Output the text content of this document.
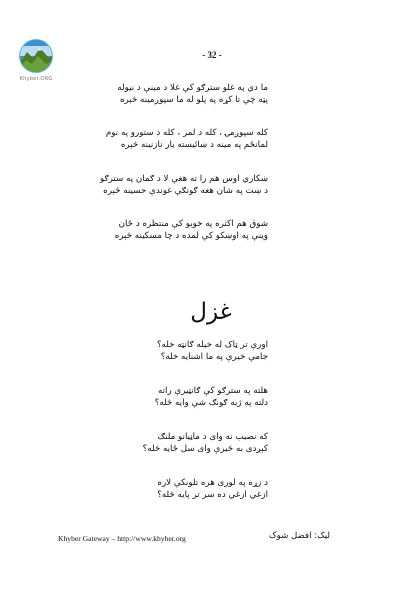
Khyber.ORG
- 32 -
ما دي په غلو سترګو کې غلا د مينې د نيوله
پټه چې تا کړه په پلو له ما سپوږمينه څېره
کله سپوږمۍ ، کله د لمر ، کله د ستورو په نوم
لمانځم په مينه د ښائيسته يار نازنينه څېره
ښکاري اوس هم را ته هغې لا د ګمان په سترګو
د ښت په شان هغه ګونګې غوندې حسينه څېره
شوق هم اکثره په خوبو کې منتظره د ځان
وينې په اوښکو کې لمده د چا مسکينه څېره
غزل
اورې تر ټاک له خيله ګانټه خله؟
جامې خيرې په ما اشنايه خله؟
هلته په سترګو کې ګانټيرې راته
دلته په ژبه ګونګ شې وايه څله؟
که نصيب نه وای د ماڼيانو ملنګ
کېږدی به څيرې وای سل ځايه څله؟
د زړه په لوری هره تلونکې لاره
ازغي ازغي ده سر تر پايه څله؟
Khyber Gateway – http://www.khyber.org	ليک: افضل شوک
